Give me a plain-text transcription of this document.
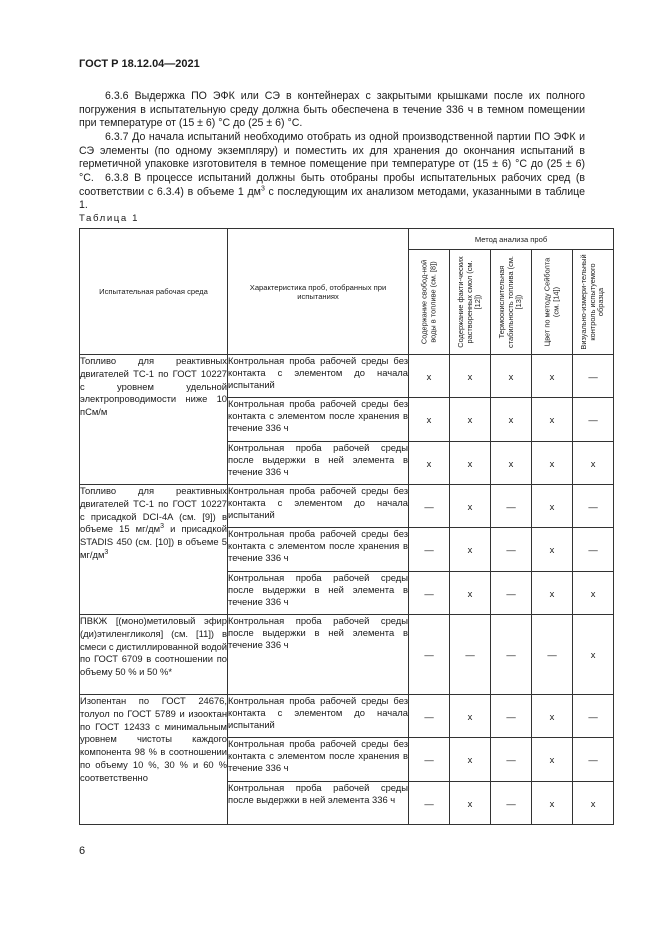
ГОСТ Р 18.12.04—2021

6.3.6 Выдержка ПО ЭФК или СЭ в контейнерах с закрытыми крышками после их полного погружения в испытательную среду должна быть обеспечена в течение 336 ч в темном помещении при температуре от (15 ± 6) °С до (25 ± 6) °С.

6.3.7 До начала испытаний необходимо отобрать из одной производственной партии ПО ЭФК и СЭ элементы (по одному экземпляру) и поместить их для хранения до окончания испытаний в герметичной упаковке изготовителя в темное помещение при температуре от (15 ± 6) °С до (25 ± 6) °С.	6.3.8 В процессе испытаний должны быть отобраны пробы испытательных рабочих сред (в соответствии с 6.3.4) в объеме 1 $дм^3$ с последующим их анализом методами, указанными в таблице 1.

Таблица 1
Испытательная рабочая среда	Характеристика проб, отобранных при испытаниях	Метод анализа проб				

		Содержание свобод-ной воды в топливе (см. [8])	Содержание факти-ческих растворенных смол (см. [12])	Термоокислительная стабильность топлива (см. [13])	Цвет по методу Сейболта (см. [14])	Визуально-измери-тельный контроль испытуемого образца

Топливо для реактивных двигателей ТС-1 по ГОСТ 10227 с уровнем удельной электропроводимости ниже 10 пСм/м	Контрольная проба рабочей среды без контакта с элементом до начала испытаний	x	x	x	x	—
	Контрольная проба рабочей среды без контакта с элементом после хранения в течение 336 ч	x	x	x	x	—
	Контрольная проба рабочей среды после выдержки в ней элемента в течение 336 ч	x	x	x	x	x
Топливо для реактивных двигателей ТС-1 по ГОСТ 10227 с присадкой DCI-4A (см. [9]) в объеме 15 $мг/дм^3$ и присадкой STADIS 450 (см. [10]) в объеме 5 $мг/дм^3$	Контрольная проба рабочей среды без контакта с элементом до начала испытаний	—	x	—	x	—
	Контрольная проба рабочей среды без контакта с элементом после хранения в течение 336 ч	—	x	—	x	—
	Контрольная проба рабочей среды после выдержки в ней элемента в течение 336 ч	—	x	—	x	x
ПВКЖ [(моно)метиловый эфир (ди)этиленгликоля] (см. [11]) в смеси с дистиллированной водой по ГОСТ 6709 в соотношении по объему 50 % и 50 %*	Контрольная проба рабочей среды после выдержки в ней элемента в течение 336 ч	—	—	—	—	x
Изопентан по ГОСТ 24676, толуол по ГОСТ 5789 и изооктан по ГОСТ 12433 с минимальным уровнем чистоты каждого компонента 98 % в соотношении по объему 10 %, 30 % и 60 % соответственно	Контрольная проба рабочей среды без контакта с элементом до начала испытаний	—	x	—	x	—
	Контрольная проба рабочей среды без контакта с элементом после хранения в течение 336 ч	—	x	—	x	—
	Контрольная проба рабочей среды после выдержки в ней элемента 336 ч	—	x	—	x	x
6
